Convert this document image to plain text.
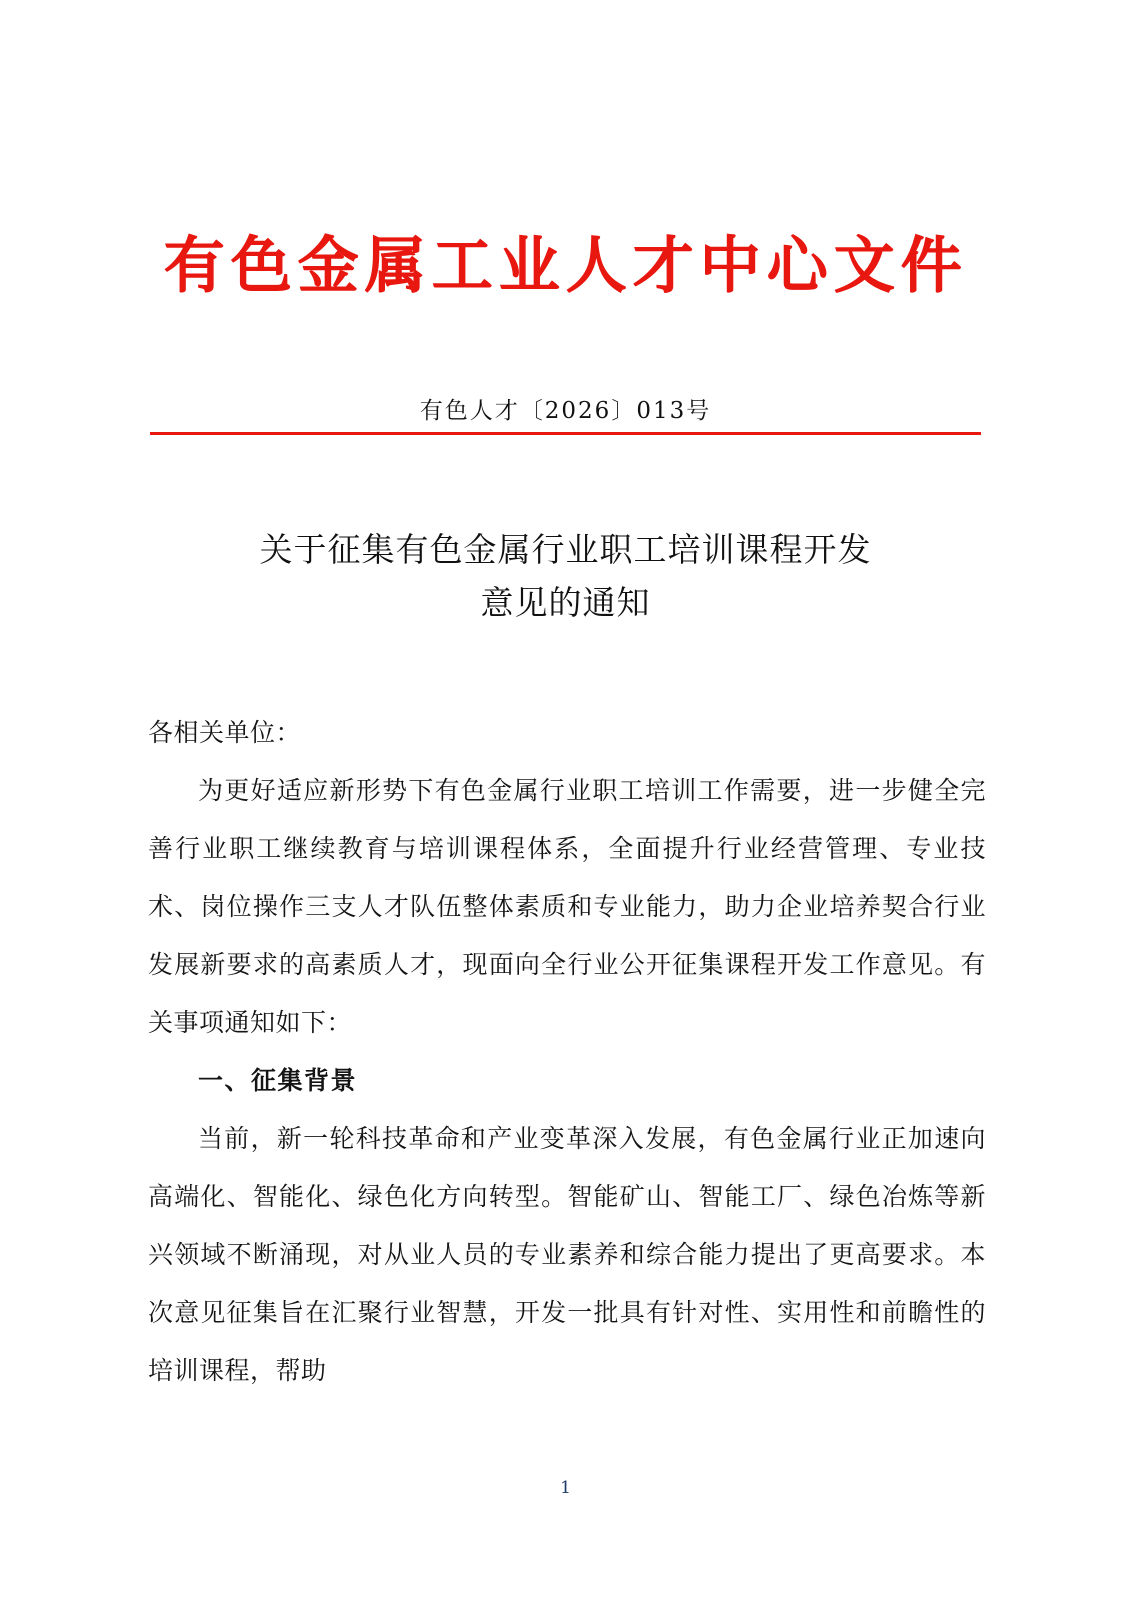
有色金属工业人才中心文件
有色人才〔2026〕013号
关于征集有色金属行业职工培训课程开发
意见的通知

各相关单位：

为更好适应新形势下有色金属行业职工培训工作需要，进一步健全完善行业职工继续教育与培训课程体系，全面提升行业经营管理、专业技术、岗位操作三支人才队伍整体素质和专业能力，助力企业培养契合行业发展新要求的高素质人才，现面向全行业公开征集课程开发工作意见。有关事项通知如下：

一、征集背景

当前，新一轮科技革命和产业变革深入发展，有色金属行业正加速向高端化、智能化、绿色化方向转型。智能矿山、智能工厂、绿色冶炼等新兴领域不断涌现，对从业人员的专业素养和综合能力提出了更高要求。本次意见征集旨在汇聚行业智慧，开发一批具有针对性、实用性和前瞻性的培训课程，帮助

1
